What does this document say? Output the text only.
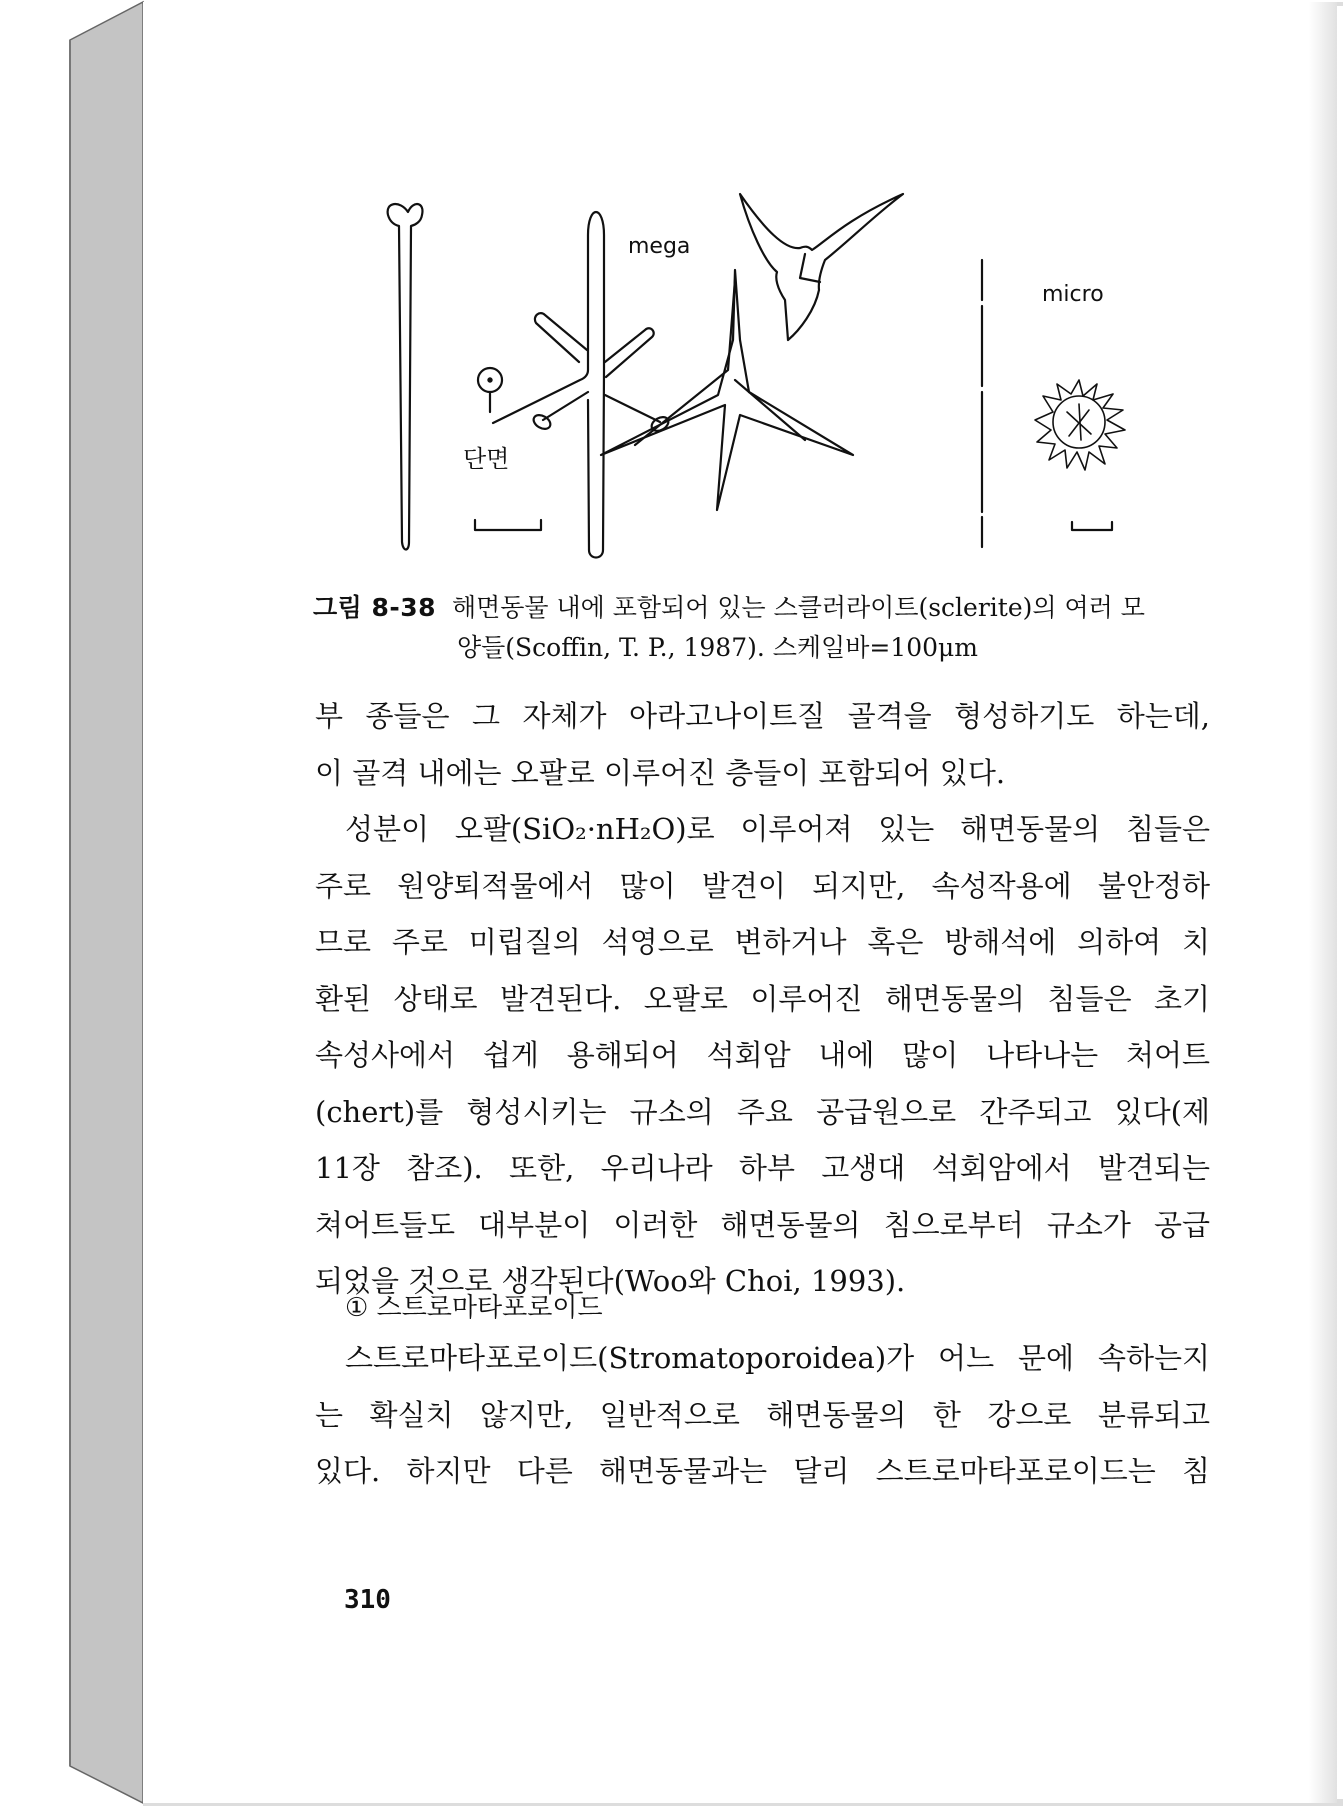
mega
micro
단면
그림 8-38 해면동물 내에 포함되어 있는 스클러라이트(sclerite)의 여러 모
양들(Scoffin, T. P., 1987). 스케일바=100μm

부 종들은 그 자체가 아라고나이트질 골격을 형성하기도 하는데,

이 골격 내에는 오팔로 이루어진 층들이 포함되어 있다.

성분이 오팔(SiO₂·nH₂O)로 이루어져 있는 해면동물의 침들은

주로 원양퇴적물에서 많이 발견이 되지만, 속성작용에 불안정하

므로 주로 미립질의 석영으로 변하거나 혹은 방해석에 의하여 치

환된 상태로 발견된다. 오팔로 이루어진 해면동물의 침들은 초기

속성사에서 쉽게 용해되어 석회암 내에 많이 나타나는 처어트

(chert)를 형성시키는 규소의 주요 공급원으로 간주되고 있다(제

11장 참조). 또한, 우리나라 하부 고생대 석회암에서 발견되는

쳐어트들도 대부분이 이러한 해면동물의 침으로부터 규소가 공급

되었을 것으로 생각된다(Woo와 Choi, 1993).

① 스트로마타포로이드

스트로마타포로이드(Stromatoporoidea)가 어느 문에 속하는지

는 확실치 않지만, 일반적으로 해면동물의 한 강으로 분류되고

있다. 하지만 다른 해면동물과는 달리 스트로마타포로이드는 침

310
